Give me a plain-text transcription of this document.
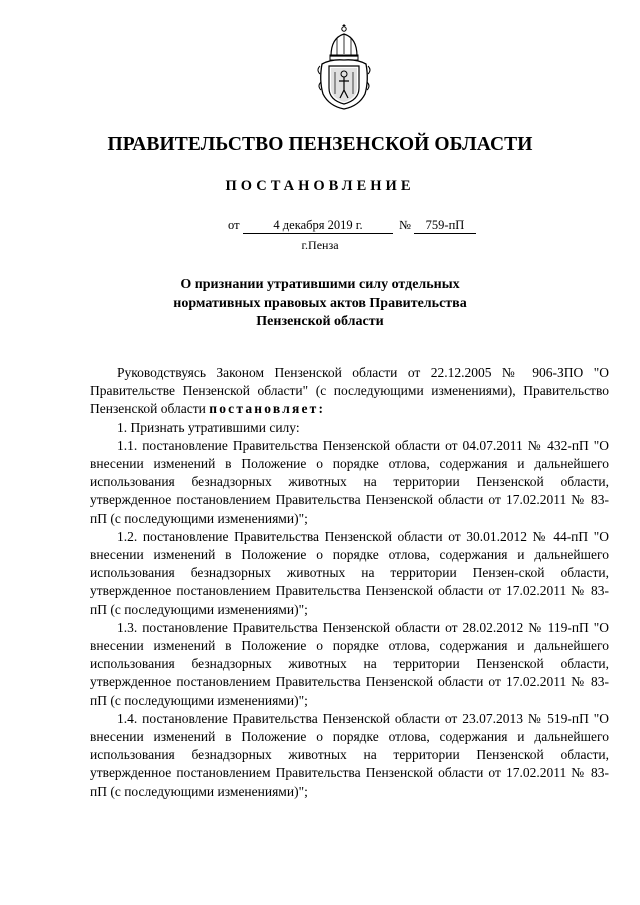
ПРАВИТЕЛЬСТВО ПЕНЗЕНСКОЙ ОБЛАСТИ
ПОСТАНОВЛЕНИЕ
от	4 декабря 2019 г.	№	759-пП
г.Пенза
О признании утратившими силу отдельных
нормативных правовых актов Правительства
Пензенской области

Руководствуясь Законом Пензенской области от 22.12.2005 № 906-ЗПО "О Правительстве Пензенской области" (с последующими изменениями), Правительство Пензенской области постановляет:

1. Признать утратившими силу:

1.1. постановление Правительства Пензенской области от 04.07.2011 № 432-пП "О внесении изменений в Положение о порядке отлова, содержания и дальнейшего использования безнадзорных животных на территории Пензенской области, утвержденное постановлением Правительства Пензенской области от 17.02.2011 № 83-пП (с последующими изменениями)";

1.2. постановление Правительства Пензенской области от 30.01.2012 № 44-пП "О внесении изменений в Положение о порядке отлова, содержания и дальнейшего использования безнадзорных животных на территории Пензен-ской области, утвержденное постановлением Правительства Пензенской области от 17.02.2011 № 83-пП (с последующими изменениями)";

1.3. постановление Правительства Пензенской области от 28.02.2012 № 119-пП "О внесении изменений в Положение о порядке отлова, содержания и дальнейшего использования безнадзорных животных на территории Пензенской области, утвержденное постановлением Правительства Пензенской области от 17.02.2011 № 83-пП (с последующими изменениями)";

1.4. постановление Правительства Пензенской области от 23.07.2013 № 519-пП "О внесении изменений в Положение о порядке отлова, содержания и дальнейшего использования безнадзорных животных на территории Пензенской области, утвержденное постановлением Правительства Пензенской области от 17.02.2011 № 83-пП (с последующими изменениями)";
